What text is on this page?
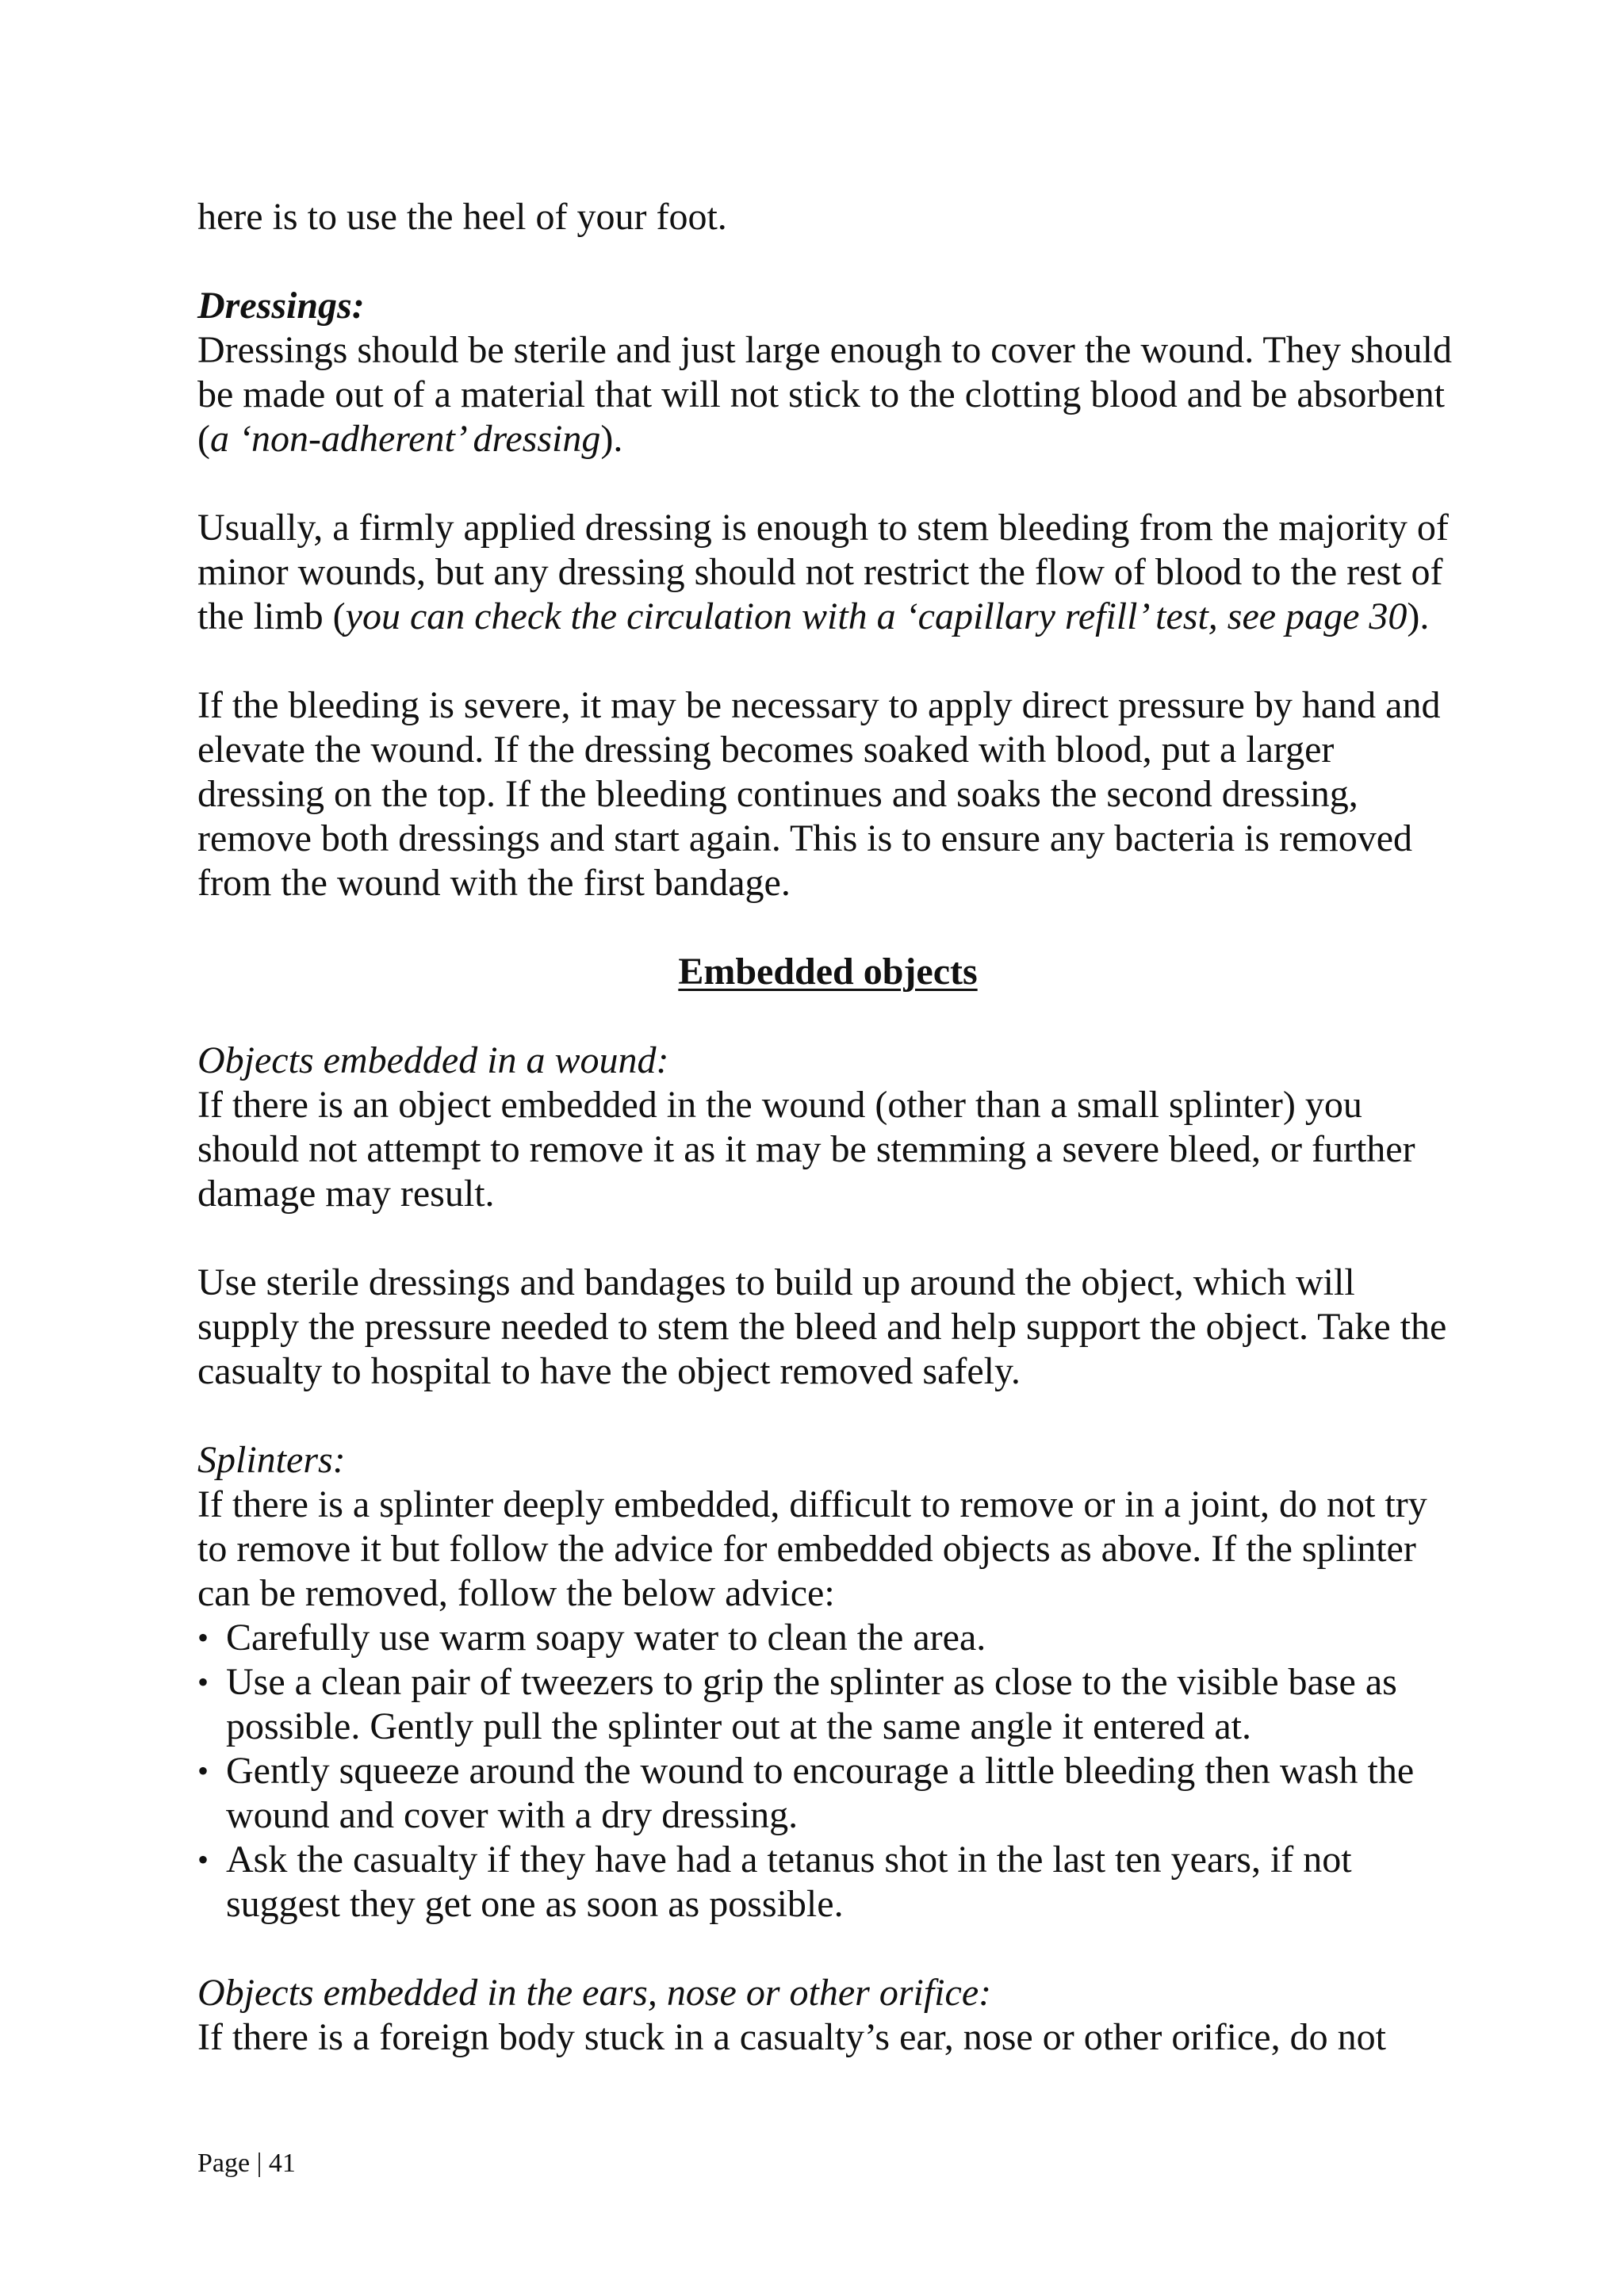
here is to use the heel of your foot.

Dressings:

Dressings should be sterile and just large enough to cover the wound. They should be made out of a material that will not stick to the clotting blood and be absorbent (a ‘non-adherent’ dressing).

Usually, a firmly applied dressing is enough to stem bleeding from the majority of minor wounds, but any dressing should not restrict the flow of blood to the rest of the limb (you can check the circulation with a ‘capillary refill’ test, see page 30).

If the bleeding is severe, it may be necessary to apply direct pressure by hand and elevate the wound. If the dressing becomes soaked with blood, put a larger dressing on the top. If the bleeding continues and soaks the second dressing, remove both dressings and start again. This is to ensure any bacteria is removed from the wound with the first bandage.

Embedded objects

Objects embedded in a wound:

If there is an object embedded in the wound (other than a small splinter) you should not attempt to remove it as it may be stemming a severe bleed, or further damage may result.

Use sterile dressings and bandages to build up around the object, which will supply the pressure needed to stem the bleed and help support the object. Take the casualty to hospital to have the object removed safely.

Splinters:

If there is a splinter deeply embedded, difficult to remove or in a joint, do not try to remove it but follow the advice for embedded objects as above. If the splinter can be removed, follow the below advice:

• Carefully use warm soapy water to clean the area.
• Use a clean pair of tweezers to grip the splinter as close to the visible base as possible. Gently pull the splinter out at the same angle it entered at.
• Gently squeeze around the wound to encourage a little bleeding then wash the wound and cover with a dry dressing.
• Ask the casualty if they have had a tetanus shot in the last ten years, if not suggest they get one as soon as possible.

Objects embedded in the ears, nose or other orifice:

If there is a foreign body stuck in a casualty’s ear, nose or other orifice, do not

Page | 41
